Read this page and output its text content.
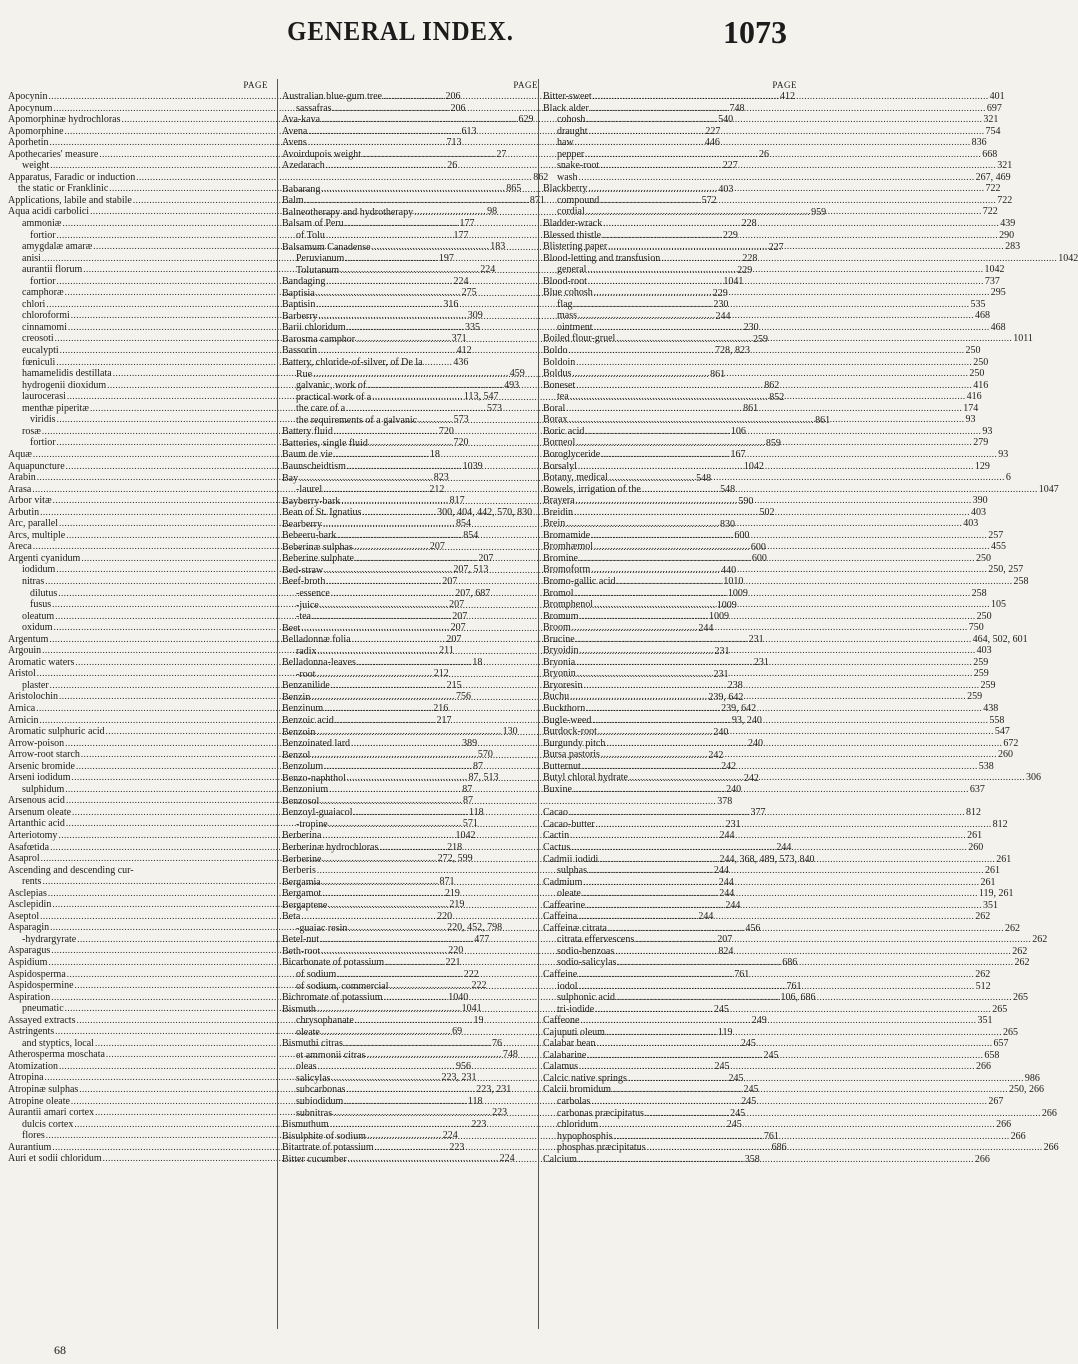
GENERAL INDEX.	1073
PAGE
Apocynin .....	206
Apocynum .....	206
Apomorphinæ hydrochloras .....	629
Apomorphine .....	613
Aporhetin .....	713
Apothecaries' measure .....	27
weight .....	26
Apparatus, Faradic or induction .....	862
the static or Franklinic .....	865
Applications, labile and stabile .....	871
Aqua acidi carbolici .....	98
ammoniæ .....	177
fortior .....	177
amygdalæ amaræ .....	183
anisi .....	197
aurantii florum .....	224
fortior .....	224
camphoræ .....	275
chlori .....	316
chloroformi .....	309
cinnamomi .....	335
creosoti .....	371
eucalypti .....	412
fœniculi .....	436
hamamelidis destillata .....	459
hydrogenii dioxidum .....	493
laurocerasi .....	113, 547
menthæ piperitæ .....	573
viridis .....	573
rosæ .....	720
fortior .....	720
Aquæ .....	18
Aquapuncture .....	1039
Arabin .....	823
Arasa .....	212
Arbor vitæ .....	817
Arbutin .....	300, 404, 442, 570, 830
Arc, parallel .....	854
Arcs, multiple .....	854
Areca .....	207
Argenti cyanidum .....	207
iodidum .....	207, 513
nitras .....	207
dilutus .....	207, 687
fusus .....	207
oleatum .....	207
oxidum .....	207
Argentum .....	207
Argouin .....	211
Aromatic waters .....	18
Aristol .....	212
plaster .....	215
Aristolochin .....	756
Arnica .....	216
Arnicin .....	217
Aromatic sulphuric acid .....	130
Arrow-poison .....	389
Arrow-root starch .....	570
Arsenic bromide .....	87
Arseni iodidum .....	87, 513
sulphidum .....	87
Arsenous acid .....	87
Arsenum oleate .....	118
Artanthic acid .....	571
Arteriotomy .....	1042
Asafœtida .....	218
Asaprol .....	272, 599
Ascending and descending cur-
rents .....	871
Asclepias .....	219
Asclepidin .....	219
Aseptol .....	220
Asparagin .....	220, 452, 798
-hydrargyrate .....	477
Asparagus .....	220
Aspidium .....	221
Aspidosperma .....	222
Aspidospermine .....	222
Aspiration .....	1040
pneumatic .....	1041
Assayed extracts .....	19
Astringents .....	69
and styptics, local .....	76
Atherosperma moschata .....	748
Atomization .....	956
Atropina .....	223, 231
Atropinæ sulphas .....	223, 231
Atropine oleate .....	118
Aurantii amari cortex .....	223
dulcis cortex .....	223
flores .....	224
Aurantium .....	223
Auri et sodii chloridum .....	224
PAGE
Australian blue-gum tree .....	412
sassafras .....	748
Ava-kava .....	540
Avena .....	227
Avens .....	446
Avoirdupois weight .....	26
Azedarach .....	227
Babarang .....	403
Balm .....	572
Balneotherapy and hydrotherapy .....	959
Balsam of Peru .....	228
of Tolu .....	229
Balsamum Canadense .....	227
Peruvianum .....	228
Tolutanum .....	229
Bandaging .....	1041
Baptisia .....	229
Baptisin .....	230
Barberry .....	244
Barii chloridum .....	230
Barosma camphor .....	259
Bassorin .....	728, 823
Battery, chloride-of-silver, of De la
Rue .....	861
galvanic, work of .....	862
practical work of a .....	852
the care of a .....	861
the requirements of a galvanic .....	861
Battery fluid .....	106
Batteries, single fluid .....	859
Baum de vie .....	167
Baunscheidtism .....	1042
Bay .....	548
-laurel .....	548
Bayberry-bark .....	590
Bean of St. Ignatius .....	502
Bearberry .....	830
Bebeeru-bark .....	600
Beberinæ sulphas .....	600
Beberine sulphate .....	600
Bed-straw .....	440
Beef-broth .....	1010
-essence .....	1009
-juice .....	1009
-tea .....	1009
Beet .....	244
Belladonnæ folia .....	231
radix .....	231
Belladonna-leaves .....	231
-root .....	231
Benzanilide .....	238
Benzin .....	239, 642
Benzinum .....	239, 642
Benzoic acid .....	93, 240
Benzoin .....	240
Benzoinated lard .....	240
Benzol .....	242
Benzolum .....	242
Benzo-naphthol .....	242
Benzonium .....	240
Benzosol .....	378
Benzoyl-guaiacol .....	377
-tropine .....	231
Berberina .....	244
Berberinæ hydrochloras .....	244
Berberine .....	244, 368, 489, 573, 840
Berberis .....	244
Bergamia .....	244
Bergamot .....	244
Bergaptene .....	244
Beta .....	244
-guaiac resin .....	456
Betel-nut .....	207
Beth-root .....	824
Bicarbonate of potassium .....	686
of sodium .....	761
of sodium, commercial .....	761
Bichromate of potassium .....	106, 686
Bismuth .....	245
chrysophanate .....	249
oleate .....	119
Bismuthi citras .....	245
et ammonii citras .....	245
oleas .....	245
salicylas .....	245
subcarbonas .....	245
subiodidum .....	245
subnitras .....	245
Bismuthum .....	245
Bisulphite of sodium .....	761
Bitartrate of potassium .....	686
Bitter cucumber .....	358
PAGE
Bitter-sweet .....	401
Black alder .....	697
cohosh .....	321
draught .....	754
haw .....	836
pepper .....	668
snake-root .....	321
wash .....	267, 469
Blackberry .....	722
compound .....	722
cordial .....	722
Bladder-wrack .....	439
Blessed thistle .....	290
Blistering paper .....	283
Blood-letting and transfusion .....	1042
general .....	1042
Blood-root .....	737
Blue cohosh .....	295
flag .....	535
mass .....	468
ointment .....	468
Boiled flour-gruel .....	1011
Boldo .....	250
Boldoin .....	250
Boldus .....	250
Boneset .....	416
tea .....	416
Boral .....	174
Borax .....	93
Boric acid .....	93
Borneol .....	279
Boroglyceride .....	93
Borsalyl .....	129
Botany, medical .....	6
Bowels, irrigation of the .....	1047
Brayera .....	390
Breidin .....	403
Brein .....	403
Bromamide .....	257
Bromhæmol .....	455
Bromine .....	250
Bromoform .....	250, 257
Bromo-gallic acid .....	258
Bromol .....	258
Bromphenol .....	105
Bromum .....	250
Broom .....	750
Brucine .....	464, 502, 601
Bryoidin .....	403
Bryonia .....	259
Bryonin .....	259
Bryoresin .....	259
Buchu .....	259
Buckthorn .....	438
Bugle-weed .....	558
Burdock-root .....	547
Burgundy pitch .....	672
Bursa pastoris .....	260
Butternut .....	538
Butyl chloral hydrate .....	306
Buxine .....	637
Cacao .....	812
Cacao-butter .....	812
Cactin .....	261
Cactus .....	260
Cadmii iodidi .....	261
sulphas .....	261
Cadmium .....	261
oleate .....	119, 261
Caffearine .....	351
Caffeina .....	262
Caffeinæ citrata .....	262
citrata effervescens .....	262
sodio-benzoas .....	262
sodio-salicylas .....	262
Caffeine .....	262
iodol .....	512
sulphonic acid .....	265
tri-iodide .....	265
Caffeone .....	351
Cajuputi oleum .....	265
Calabar bean .....	657
Calabarine .....	658
Calamus .....	266
Calcic native springs .....	986
Calcii bromidum .....	250, 266
carbolas .....	267
carbonas præcipitatus .....	266
chloridum .....	266
hypophosphis .....	266
phosphas præcipitatus .....	266
Calcium .....	266
68
